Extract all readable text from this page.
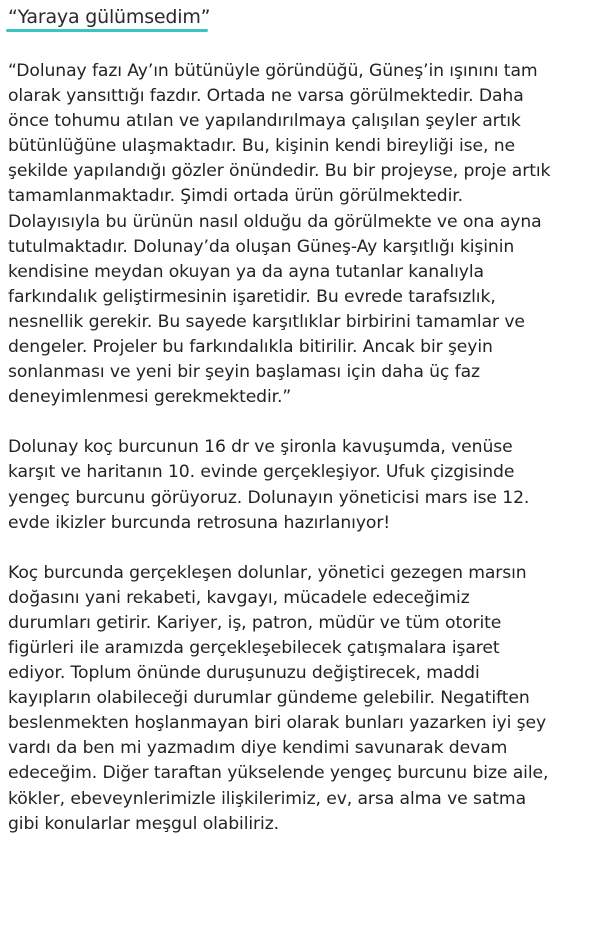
“Yaraya gülümsedim”

“Dolunay fazı Ay’ın bütünüyle göründüğü, Güneş’in ışınını tam
olarak yansıttığı fazdır. Ortada ne varsa görülmektedir. Daha
önce tohumu atılan ve yapılandırılmaya çalışılan şeyler artık
bütünlüğüne ulaşmaktadır. Bu, kişinin kendi bireyliği ise, ne
şekilde yapılandığı gözler önündedir. Bu bir projeyse, proje artık
tamamlanmaktadır. Şimdi ortada ürün görülmektedir.
Dolayısıyla bu ürünün nasıl olduğu da görülmekte ve ona ayna
tutulmaktadır. Dolunay’da oluşan Güneş-Ay karşıtlığı kişinin
kendisine meydan okuyan ya da ayna tutanlar kanalıyla
farkındalık geliştirmesinin işaretidir. Bu evrede tarafsızlık,
nesnellik gerekir. Bu sayede karşıtlıklar birbirini tamamlar ve
dengeler. Projeler bu farkındalıkla bitirilir. Ancak bir şeyin
sonlanması ve yeni bir şeyin başlaması için daha üç faz
deneyimlenmesi gerekmektedir.”

Dolunay koç burcunun 16 dr ve şironla kavuşumda, venüse
karşıt ve haritanın 10. evinde gerçekleşiyor. Ufuk çizgisinde
yengeç burcunu görüyoruz. Dolunayın yöneticisi mars ise 12.
evde ikizler burcunda retrosuna hazırlanıyor!

Koç burcunda gerçekleşen dolunlar, yönetici gezegen marsın
doğasını yani rekabeti, kavgayı, mücadele edeceğimiz
durumları getirir. Kariyer, iş, patron, müdür ve tüm otorite
figürleri ile aramızda gerçekleşebilecek çatışmalara işaret
ediyor. Toplum önünde duruşunuzu değiştirecek, maddi
kayıpların olabileceği durumlar gündeme gelebilir. Negatiften
beslenmekten hoşlanmayan biri olarak bunları yazarken iyi şey
vardı da ben mi yazmadım diye kendimi savunarak devam
edeceğim. Diğer taraftan yükselende yengeç burcunu bize aile,
kökler, ebeveynlerimizle ilişkilerimiz, ev, arsa alma ve satma
gibi konularlar meşgul olabiliriz.
